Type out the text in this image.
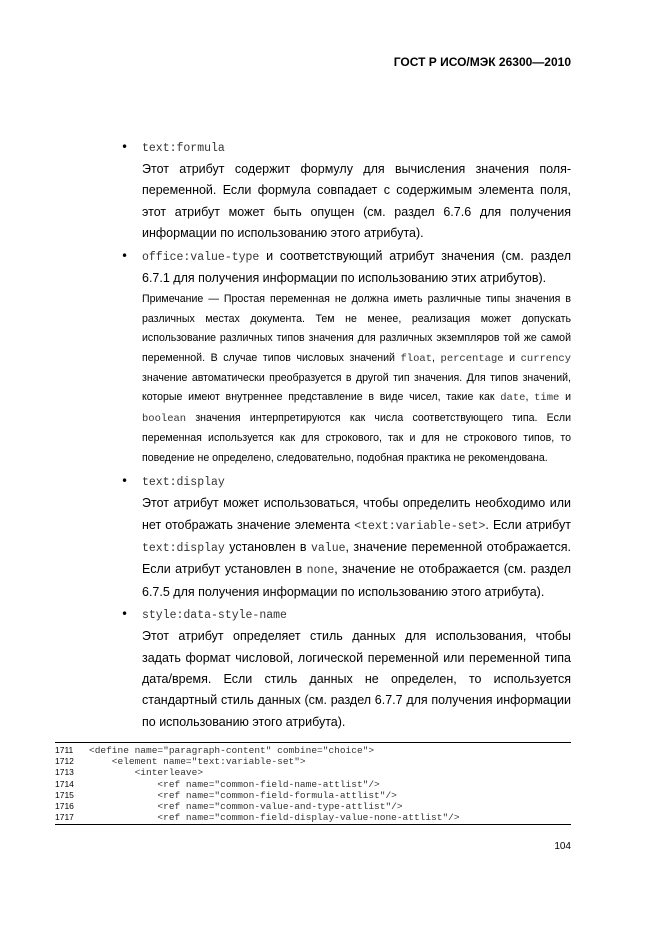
ГОСТ Р ИСО/МЭК 26300—2010
• text:formula
Этот атрибут содержит формулу для вычисления значения поля-переменной. Если формула совпадает с содержимым элемента поля, этот атрибут может быть опущен (см. раздел 6.7.6 для получения информации по использованию этого атрибута).
• office:value-type и соответствующий атрибут значения (см. раздел 6.7.1 для получения информации по использованию этих атрибутов).
Примечание — Простая переменная не должна иметь различные типы значения в различных местах документа. Тем не менее, реализация может допускать использование различных типов значения для различных экземпляров той же самой переменной. В случае типов числовых значений float, percentage и currency значение автоматически преобразуется в другой тип значения. Для типов значений, которые имеют внутреннее представление в виде чисел, такие как date, time и boolean значения интерпретируются как числа соответствующего типа. Если переменная используется как для строкового, так и для не строкового типов, то поведение не определено, следовательно, подобная практика не рекомендована.
• text:display
Этот атрибут может использоваться, чтобы определить необходимо или нет отображать значение элемента <text:variable-set>. Если атрибут text:display установлен в value, значение переменной отображается. Если атрибут установлен в none, значение не отображается (см. раздел 6.7.5 для получения информации по использованию этого атрибута).
• style:data-style-name
Этот атрибут определяет стиль данных для использования, чтобы задать формат числовой, логической переменной или переменной типа дата/время. Если стиль данных не определен, то используется стандартный стиль данных (см. раздел 6.7.7 для получения информации по использованию этого атрибута).
1711	<define name="paragraph-content" combine="choice">
1712	<element name="text:variable-set">
1713	<interleave>
1714	<ref name="common-field-name-attlist"/>
1715	<ref name="common-field-formula-attlist"/>
1716	<ref name="common-value-and-type-attlist"/>
1717	<ref name="common-field-display-value-none-attlist"/>
104
